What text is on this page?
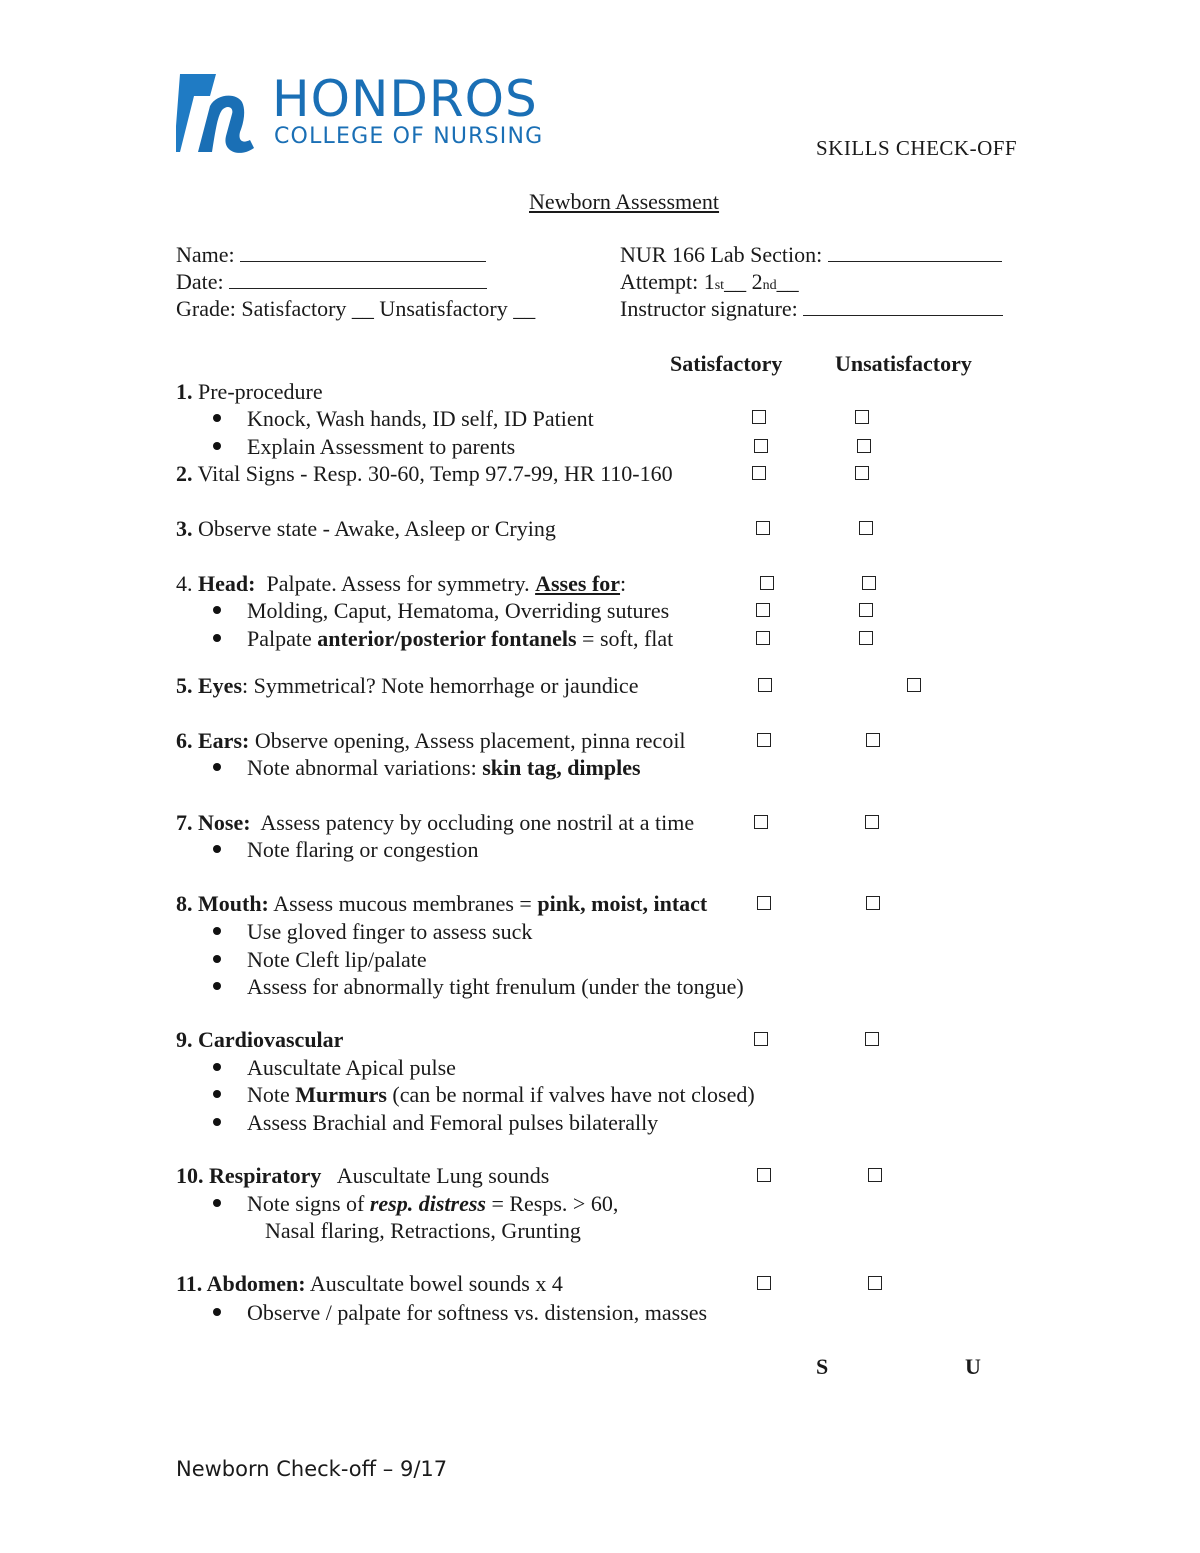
HONDROS
COLLEGE OF NURSING	SKILLS CHECK-OFF
Newborn Assessment
Name:
Date:
Grade: Satisfactory __ Unsatisfactory __
NUR 166 Lab Section:
Attempt: 1st__ 2nd__
Instructor signature:
Satisfactory Unsatisfactory
1. Pre-procedure
Knock, Wash hands, ID self, ID Patient
Explain Assessment to parents
2. Vital Signs - Resp. 30-60, Temp 97.7-99, HR 110-160
3. Observe state - Awake, Asleep or Crying
4. Head: Palpate. Assess for symmetry. Asses for:
Molding, Caput, Hematoma, Overriding sutures
Palpate anterior/posterior fontanels = soft, flat
5. Eyes: Symmetrical? Note hemorrhage or jaundice
6. Ears: Observe opening, Assess placement, pinna recoil
Note abnormal variations: skin tag, dimples
7. Nose: Assess patency by occluding one nostril at a time
Note flaring or congestion
8. Mouth: Assess mucous membranes = pink, moist, intact
Use gloved finger to assess suck
Note Cleft lip/palate
Assess for abnormally tight frenulum (under the tongue)
9. Cardiovascular
Auscultate Apical pulse
Note Murmurs (can be normal if valves have not closed)
Assess Brachial and Femoral pulses bilaterally
10. Respiratory Auscultate Lung sounds
Note signs of resp. distress = Resps. > 60,
Nasal flaring, Retractions, Grunting
11. Abdomen: Auscultate bowel sounds x 4
Observe / palpate for softness vs. distension, masses
S	U
Newborn Check-off – 9/17
